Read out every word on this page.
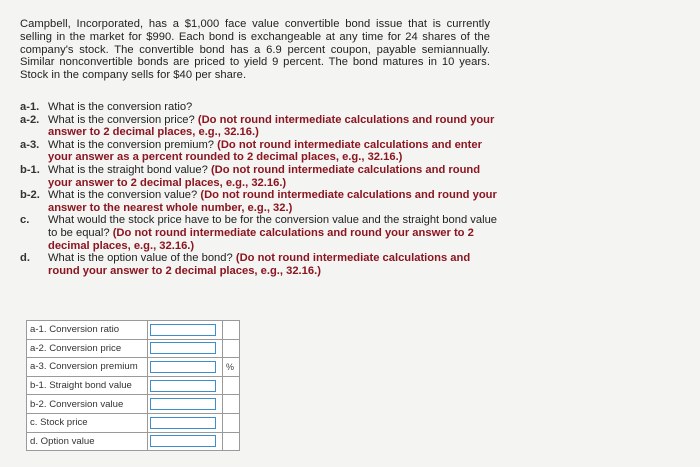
Campbell, Incorporated, has a $1,000 face value convertible bond issue that is currently selling in the market for $990. Each bond is exchangeable at any time for 24 shares of the company's stock. The convertible bond has a 6.9 percent coupon, payable semiannually. Similar nonconvertible bonds are priced to yield 9 percent. The bond matures in 10 years. Stock in the company sells for $40 per share.
a-1. What is the conversion ratio?
a-2. What is the conversion price? (Do not round intermediate calculations and round your answer to 2 decimal places, e.g., 32.16.)
a-3. What is the conversion premium? (Do not round intermediate calculations and enter your answer as a percent rounded to 2 decimal places, e.g., 32.16.)
b-1. What is the straight bond value? (Do not round intermediate calculations and round your answer to 2 decimal places, e.g., 32.16.)
b-2. What is the conversion value? (Do not round intermediate calculations and round your answer to the nearest whole number, e.g., 32.)
c.	What would the stock price have to be for the conversion value and the straight bond value to be equal? (Do not round intermediate calculations and round your answer to 2 decimal places, e.g., 32.16.)
d.	What is the option value of the bond? (Do not round intermediate calculations and round your answer to 2 decimal places, e.g., 32.16.)
a-1. Conversion ratio	

a-2. Conversion price	

a-3. Conversion premium		%
b-1. Straight bond value	

b-2. Conversion value	

c. Stock price	

d. Option value	
